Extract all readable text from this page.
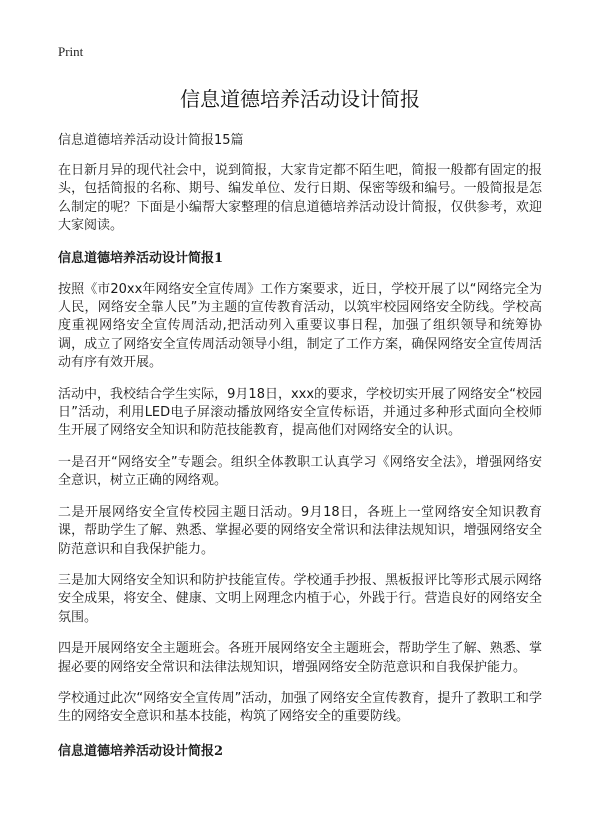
Print
信息道德培养活动设计简报
信息道德培养活动设计简报15篇

在日新月异的现代社会中，说到简报，大家肯定都不陌生吧，简报一般都有固定的报头，包括简报的名称、期号、编发单位、发行日期、保密等级和编号。一般简报是怎么制定的呢？下面是小编帮大家整理的信息道德培养活动设计简报，仅供参考，欢迎大家阅读。

信息道德培养活动设计简报1

按照《市20xx年网络安全宣传周》工作方案要求，近日，学校开展了以“网络完全为人民，网络安全靠人民”为主题的宣传教育活动，以筑牢校园网络安全防线。学校高度重视网络安全宣传周活动,把活动列入重要议事日程，加强了组织领导和统筹协调，成立了网络安全宣传周活动领导小组，制定了工作方案，确保网络安全宣传周活动有序有效开展。

活动中，我校结合学生实际，9月18日，xxx的要求，学校切实开展了网络安全“校园日”活动，利用LED电子屏滚动播放网络安全宣传标语，并通过多种形式面向全校师生开展了网络安全知识和防范技能教育，提高他们对网络安全的认识。

一是召开“网络安全”专题会。组织全体教职工认真学习《网络安全法》，增强网络安全意识，树立正确的网络观。

二是开展网络安全宣传校园主题日活动。9月18日，各班上一堂网络安全知识教育课，帮助学生了解、熟悉、掌握必要的网络安全常识和法律法规知识，增强网络安全防范意识和自我保护能力。

三是加大网络安全知识和防护技能宣传。学校通手抄报、黑板报评比等形式展示网络安全成果，将安全、健康、文明上网理念内植于心，外践于行。营造良好的网络安全氛围。

四是开展网络安全主题班会。各班开展网络安全主题班会，帮助学生了解、熟悉、掌握必要的网络安全常识和法律法规知识，增强网络安全防范意识和自我保护能力。

学校通过此次“网络安全宣传周”活动，加强了网络安全宣传教育，提升了教职工和学生的网络安全意识和基本技能，构筑了网络安全的重要防线。

信息道德培养活动设计简报2
